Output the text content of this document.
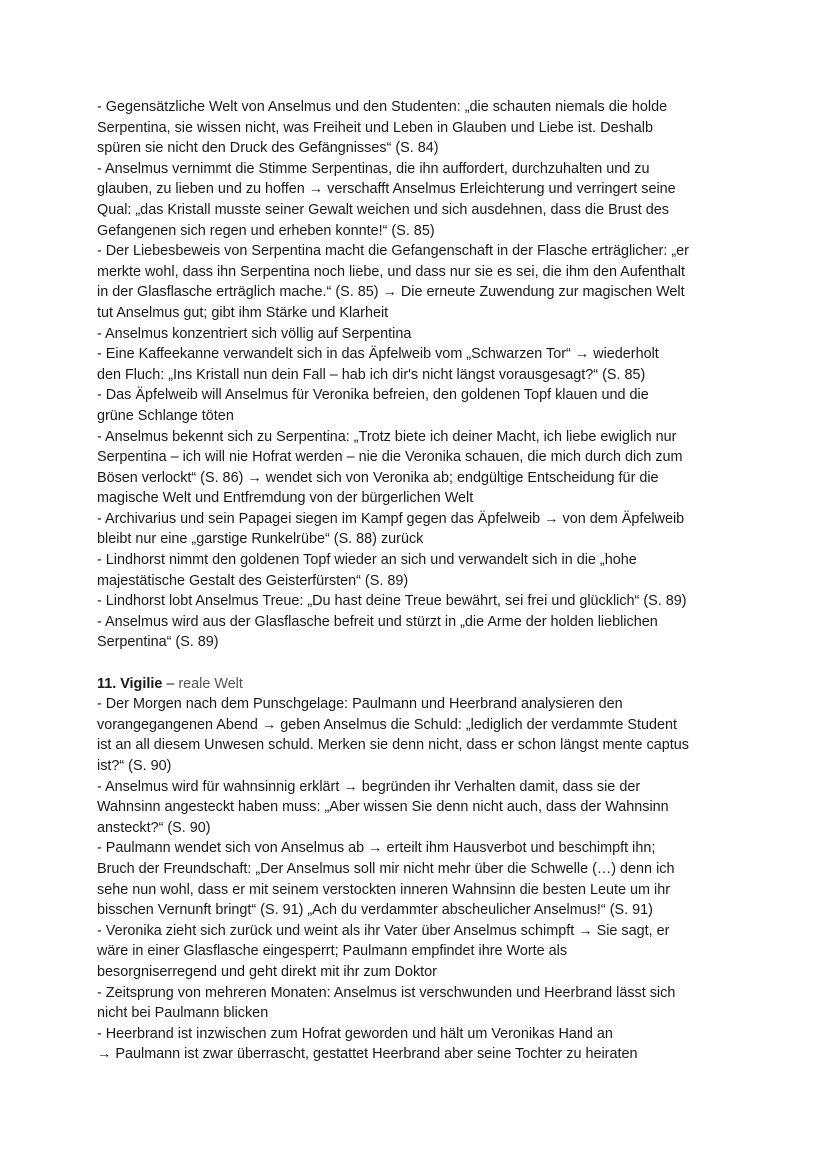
- Gegensätzliche Welt von Anselmus und den Studenten: „die schauten niemals die holde
Serpentina, sie wissen nicht, was Freiheit und Leben in Glauben und Liebe ist. Deshalb
spüren sie nicht den Druck des Gefängnisses“ (S. 84)
- Anselmus vernimmt die Stimme Serpentinas, die ihn auffordert, durchzuhalten und zu
glauben, zu lieben und zu hoffen → verschafft Anselmus Erleichterung und verringert seine
Qual: „das Kristall musste seiner Gewalt weichen und sich ausdehnen, dass die Brust des
Gefangenen sich regen und erheben konnte!“ (S. 85)
- Der Liebesbeweis von Serpentina macht die Gefangenschaft in der Flasche erträglicher: „er
merkte wohl, dass ihn Serpentina noch liebe, und dass nur sie es sei, die ihm den Aufenthalt
in der Glasflasche erträglich mache.“ (S. 85) → Die erneute Zuwendung zur magischen Welt
tut Anselmus gut; gibt ihm Stärke und Klarheit
- Anselmus konzentriert sich völlig auf Serpentina
- Eine Kaffeekanne verwandelt sich in das Äpfelweib vom „Schwarzen Tor“ → wiederholt
den Fluch: „Ins Kristall nun dein Fall – hab ich dir's nicht längst vorausgesagt?“ (S. 85)
- Das Äpfelweib will Anselmus für Veronika befreien, den goldenen Topf klauen und die
grüne Schlange töten
- Anselmus bekennt sich zu Serpentina: „Trotz biete ich deiner Macht, ich liebe ewiglich nur
Serpentina – ich will nie Hofrat werden – nie die Veronika schauen, die mich durch dich zum
Bösen verlockt“ (S. 86) → wendet sich von Veronika ab; endgültige Entscheidung für die
magische Welt und Entfremdung von der bürgerlichen Welt
- Archivarius und sein Papagei siegen im Kampf gegen das Äpfelweib → von dem Äpfelweib
bleibt nur eine „garstige Runkelrübe“ (S. 88) zurück
- Lindhorst nimmt den goldenen Topf wieder an sich und verwandelt sich in die „hohe
majestätische Gestalt des Geisterfürsten“ (S. 89)
- Lindhorst lobt Anselmus Treue: „Du hast deine Treue bewährt, sei frei und glücklich“ (S. 89)
- Anselmus wird aus der Glasflasche befreit und stürzt in „die Arme der holden lieblichen
Serpentina“ (S. 89)
11. Vigilie – reale Welt
- Der Morgen nach dem Punschgelage: Paulmann und Heerbrand analysieren den
vorangegangenen Abend → geben Anselmus die Schuld: „lediglich der verdammte Student
ist an all diesem Unwesen schuld. Merken sie denn nicht, dass er schon längst mente captus
ist?“ (S. 90)
- Anselmus wird für wahnsinnig erklärt → begründen ihr Verhalten damit, dass sie der
Wahnsinn angesteckt haben muss: „Aber wissen Sie denn nicht auch, dass der Wahnsinn
ansteckt?“ (S. 90)
- Paulmann wendet sich von Anselmus ab → erteilt ihm Hausverbot und beschimpft ihn;
Bruch der Freundschaft: „Der Anselmus soll mir nicht mehr über die Schwelle (…) denn ich
sehe nun wohl, dass er mit seinem verstockten inneren Wahnsinn die besten Leute um ihr
bisschen Vernunft bringt“ (S. 91) „Ach du verdammter abscheulicher Anselmus!“ (S. 91)
- Veronika zieht sich zurück und weint als ihr Vater über Anselmus schimpft → Sie sagt, er
wäre in einer Glasflasche eingesperrt; Paulmann empfindet ihre Worte als
besorgniserregend und geht direkt mit ihr zum Doktor
- Zeitsprung von mehreren Monaten: Anselmus ist verschwunden und Heerbrand lässt sich
nicht bei Paulmann blicken
- Heerbrand ist inzwischen zum Hofrat geworden und hält um Veronikas Hand an
→ Paulmann ist zwar überrascht, gestattet Heerbrand aber seine Tochter zu heiraten
